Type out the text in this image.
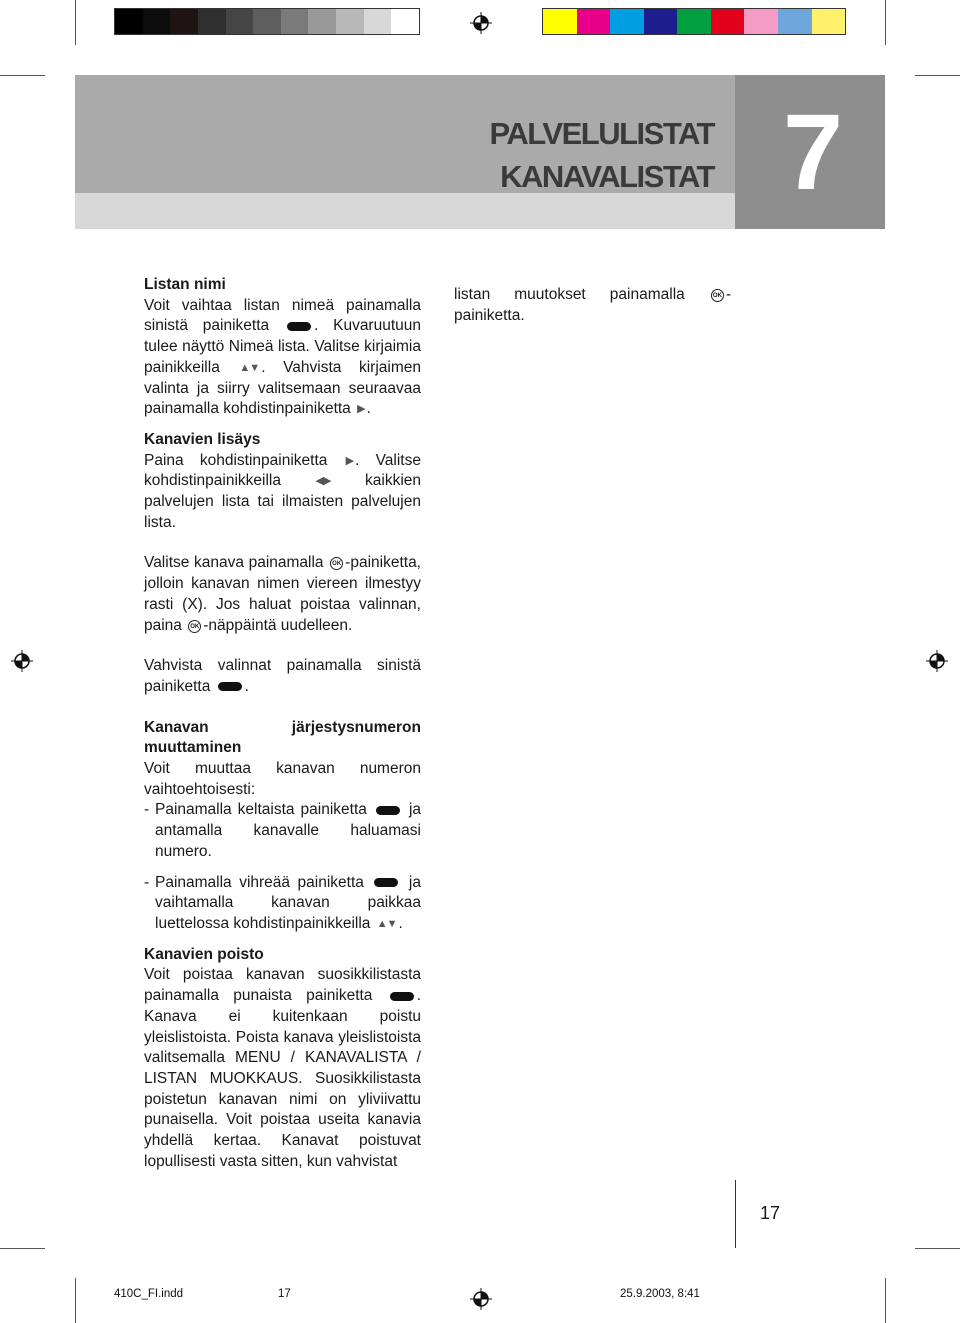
PALVELULISTAT
KANAVALISTAT 7
Listan nimi

Voit vaihtaa listan nimeä painamalla sinistä painiketta	. Kuvaruutuun tulee näyttö Nimeä lista. Valitse kirjaimia painikkeilla ▲▼ . Vahvista kirjaimen valinta ja siirry valitsemaan seuraavaa painamalla kohdistinpainiketta ▶ .

Kanavien lisäys

Paina kohdistinpainiketta ▶ . Valitse kohdistinpainikkeilla	◀▶ kaikkien palvelujen lista tai ilmaisten palvelujen lista.

Valitse kanava painamalla OK -painiketta, jolloin kanavan nimen viereen ilmestyy rasti (X). Jos haluat poistaa valinnan, paina OK -näppäintä uudelleen.

Vahvista valinnat painamalla sinistä painiketta .

Kanavan järjestysnumeron muuttaminen

Voit muuttaa kanavan numeron vaihtoehtoisesti:

- Painamalla keltaista painiketta	ja antamalla kanavalle haluamasi numero.

- Painamalla vihreää painiketta	ja vaihtamalla kanavan paikkaa luettelossa kohdistinpainikkeilla ▲▼ .

Kanavien poisto

Voit poistaa kanavan suosikkilistasta painamalla punaista painiketta	. Kanava ei kuitenkaan poistu yleislistoista. Poista kanava yleislistoista valitsemalla MENU / KANAVALISTA / LISTAN MUOKKAUS. Suosikkilistasta poistetun kanavan nimi on yliviivattu punaisella. Voit poistaa useita kanavia yhdellä kertaa. Kanavat poistuvat lopullisesti vasta sitten, kun vahvistat

listan muutokset painamalla	OK -painiketta.

17
410C_FI.indd	17	25.9.2003, 8:41
